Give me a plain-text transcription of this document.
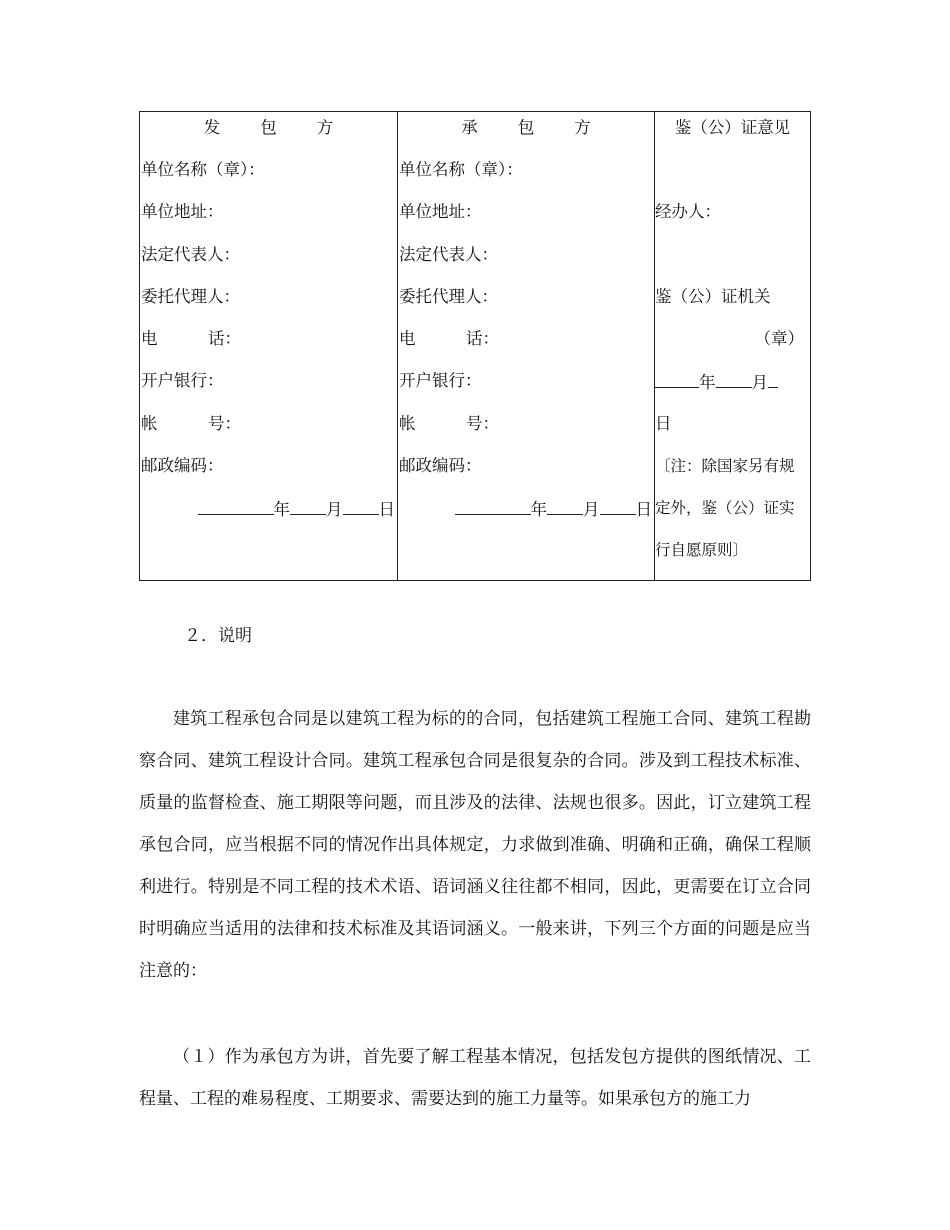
发 包 方
单位名称（章）：
单位地址：
法定代表人：
委托代理人：
电	话：
开户银行：
帐	号：
邮政编码：
年 月 日
承 包 方
单位名称（章）：
单位地址：
法定代表人：
委托代理人：
电	话：
开户银行：
帐	号：
邮政编码：
年 月 日
鉴（公）证意见
经办人：
鉴（公）证机关
（章）
年 月
日
〔注：除国家另有规
定外，鉴（公）证实
行自愿原则〕
２．说明

建筑工程承包合同是以建筑工程为标的的合同，包括建筑工程施工合同、建筑工程勘察合同、建筑工程设计合同。建筑工程承包合同是很复杂的合同。涉及到工程技术标准、质量的监督检查、施工期限等问题，而且涉及的法律、法规也很多。因此，订立建筑工程承包合同，应当根据不同的情况作出具体规定，力求做到准确、明确和正确，确保工程顺利进行。特别是不同工程的技术术语、语词涵义往往都不相同，因此，更需要在订立合同时明确应当适用的法律和技术标准及其语词涵义。一般来讲，下列三个方面的问题是应当注意的：

（１）作为承包方为讲，首先要了解工程基本情况，包括发包方提供的图纸情况、工程量、工程的难易程度、工期要求、需要达到的施工力量等。如果承包方的施工力
